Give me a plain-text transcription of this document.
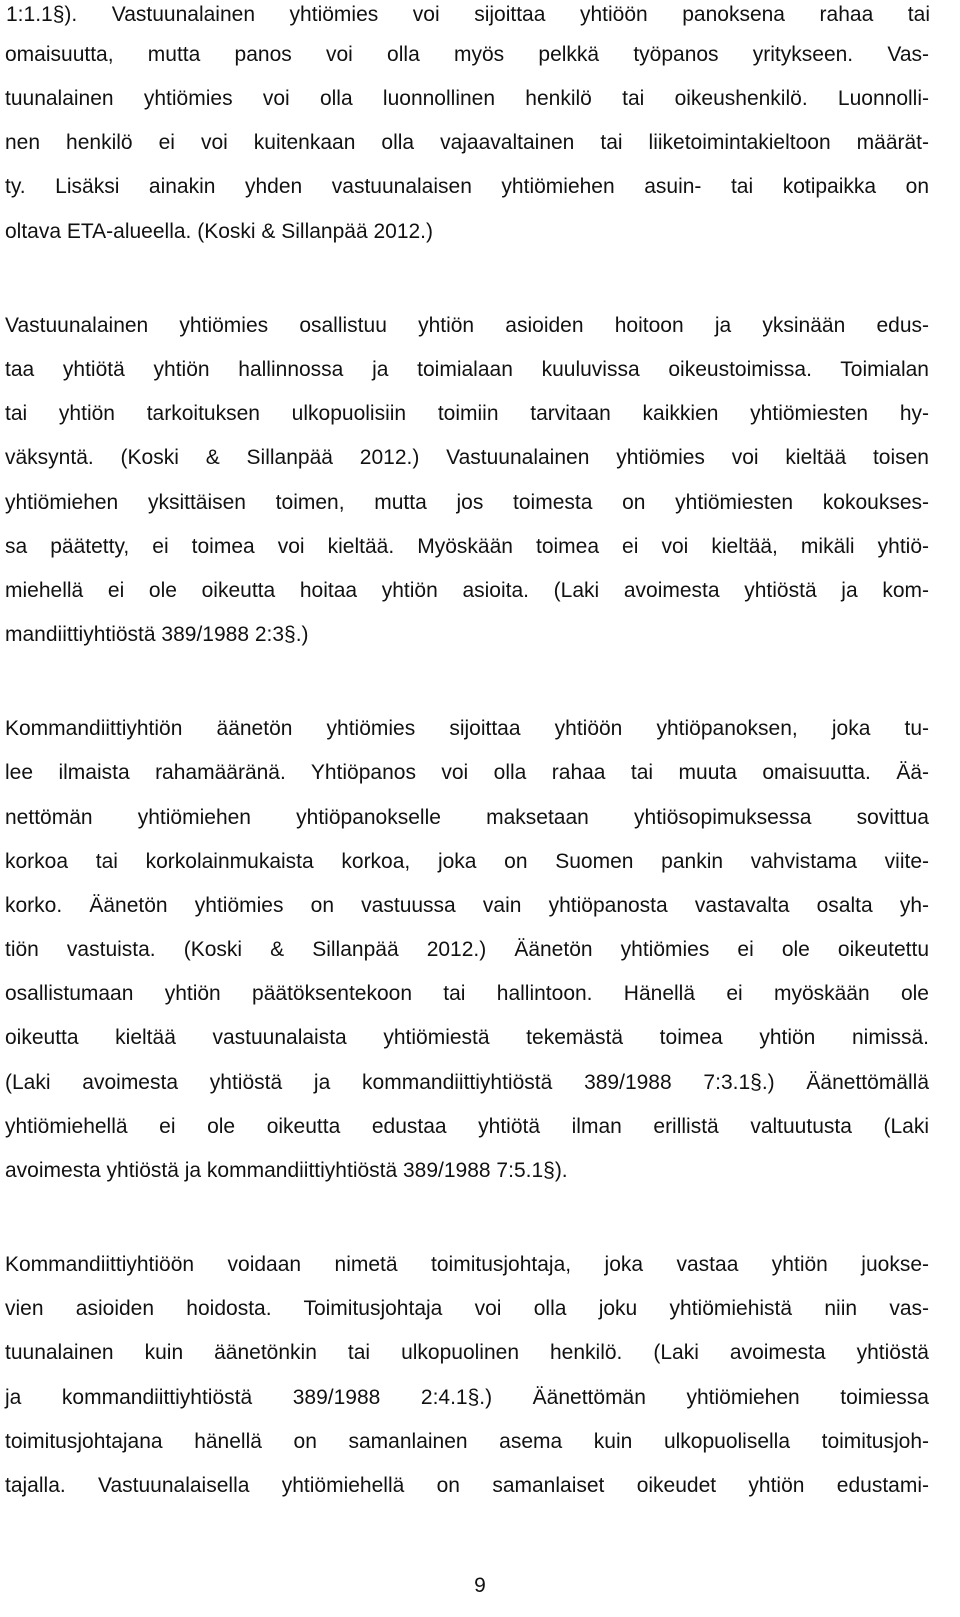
1:1.1§). Vastuunalainen yhtiömies voi sijoittaa yhtiöön panoksena rahaa tai
omaisuutta, mutta panos voi olla myös pelkkä työpanos yritykseen. Vas-
tuunalainen yhtiömies voi olla luonnollinen henkilö tai oikeushenkilö. Luonnolli-
nen henkilö ei voi kuitenkaan olla vajaavaltainen tai liiketoimintakieltoon määrät-
ty. Lisäksi ainakin yhden vastuunalaisen yhtiömiehen asuin- tai kotipaikka on
oltava ETA-alueella. (Koski & Sillanpää 2012.)
Vastuunalainen yhtiömies osallistuu yhtiön asioiden hoitoon ja yksinään edus-
taa yhtiötä yhtiön hallinnossa ja toimialaan kuuluvissa oikeustoimissa. Toimialan
tai yhtiön tarkoituksen ulkopuolisiin toimiin tarvitaan kaikkien yhtiömiesten hy-
väksyntä. (Koski & Sillanpää 2012.) Vastuunalainen yhtiömies voi kieltää toisen
yhtiömiehen yksittäisen toimen, mutta jos toimesta on yhtiömiesten kokoukses-
sa päätetty, ei toimea voi kieltää. Myöskään toimea ei voi kieltää, mikäli yhtiö-
miehellä ei ole oikeutta hoitaa yhtiön asioita. (Laki avoimesta yhtiöstä ja kom-
mandiittiyhtiöstä 389/1988 2:3§.)
Kommandiittiyhtiön äänetön yhtiömies sijoittaa yhtiöön yhtiöpanoksen, joka tu-
lee ilmaista rahamääränä. Yhtiöpanos voi olla rahaa tai muuta omaisuutta. Ää-
nettömän yhtiömiehen yhtiöpanokselle maksetaan yhtiösopimuksessa sovittua
korkoa tai korkolainmukaista korkoa, joka on Suomen pankin vahvistama viite-
korko. Äänetön yhtiömies on vastuussa vain yhtiöpanosta vastavalta osalta yh-
tiön vastuista. (Koski & Sillanpää 2012.) Äänetön yhtiömies ei ole oikeutettu
osallistumaan yhtiön päätöksentekoon tai hallintoon. Hänellä ei myöskään ole
oikeutta kieltää vastuunalaista yhtiömiestä tekemästä toimea yhtiön nimissä.
(Laki avoimesta yhtiöstä ja kommandiittiyhtiöstä 389/1988 7:3.1§.) Äänettömällä
yhtiömiehellä ei ole oikeutta edustaa yhtiötä ilman erillistä valtuutusta (Laki
avoimesta yhtiöstä ja kommandiittiyhtiöstä 389/1988 7:5.1§).
Kommandiittiyhtiöön voidaan nimetä toimitusjohtaja, joka vastaa yhtiön juokse-
vien asioiden hoidosta. Toimitusjohtaja voi olla joku yhtiömiehistä niin vas-
tuunalainen kuin äänetönkin tai ulkopuolinen henkilö. (Laki avoimesta yhtiöstä
ja kommandiittiyhtiöstä 389/1988 2:4.1§.) Äänettömän yhtiömiehen toimiessa
toimitusjohtajana hänellä on samanlainen asema kuin ulkopuolisella toimitusjoh-
tajalla. Vastuunalaisella yhtiömiehellä on samanlaiset oikeudet yhtiön edustami-
9
